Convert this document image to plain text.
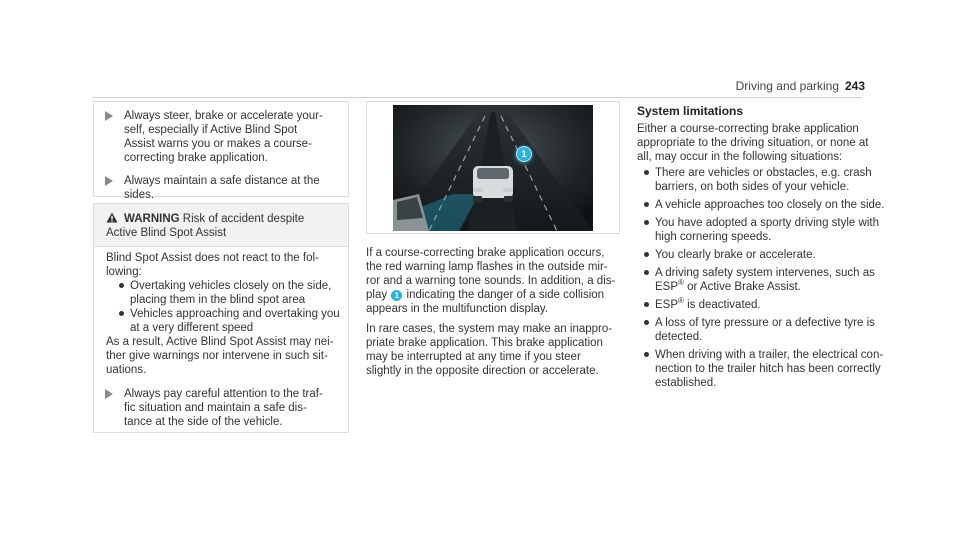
Driving and parking 243
Always steer, brake or accelerate your-
self, especially if Active Blind Spot
Assist warns you or makes a course-
correcting brake application.
Always maintain a safe distance at the
sides.
WARNING Risk of accident despite
Active Blind Spot Assist
Blind Spot Assist does not react to the fol-
lowing:
Overtaking vehicles closely on the side,
placing them in the blind spot area
Vehicles approaching and overtaking you
at a very different speed
As a result, Active Blind Spot Assist may nei-
ther give warnings nor intervene in such sit-
uations.
Always pay careful attention to the traf-
fic situation and maintain a safe dis-
tance at the side of the vehicle.
1
If a course-correcting brake application occurs,
the red warning lamp flashes in the outside mir-
ror and a warning tone sounds. In addition, a dis-
play 1 indicating the danger of a side collision
appears in the multifunction display.
In rare cases, the system may make an inappro-
priate brake application. This brake application
may be interrupted at any time if you steer
slightly in the opposite direction or accelerate.
System limitations
Either a course-correcting brake application
appropriate to the driving situation, or none at
all, may occur in the following situations:
There are vehicles or obstacles, e.g. crash
barriers, on both sides of your vehicle.
A vehicle approaches too closely on the side.
You have adopted a sporty driving style with
high cornering speeds.
You clearly brake or accelerate.
A driving safety system intervenes, such as
ESP® or Active Brake Assist.
ESP® is deactivated.
A loss of tyre pressure or a defective tyre is
detected.
When driving with a trailer, the electrical con-
nection to the trailer hitch has been correctly
established.
